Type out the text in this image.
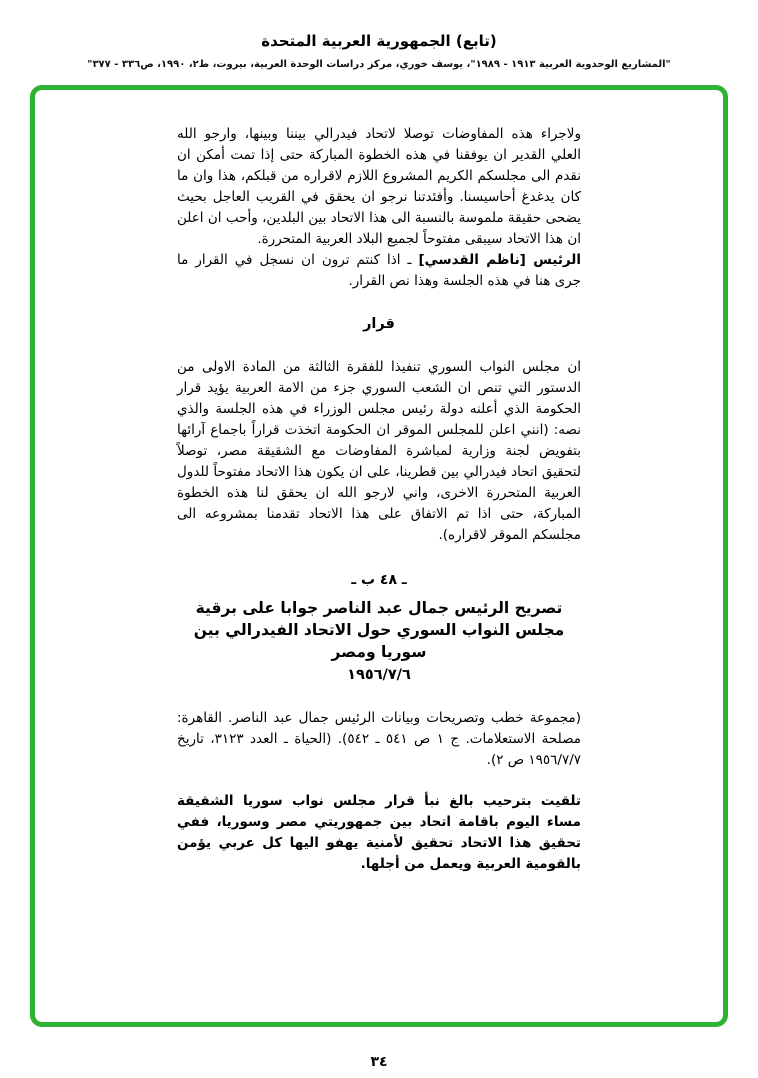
(تابع) الجمهورية العربية المتحدة
"المشاريع الوحدوية العربية ١٩١٣ - ١٩٨٩"، يوسف خوري، مركز دراسات الوحدة العربية، بيروت، ط٢، ١٩٩٠، ص٣٣٦ - ٣٧٧"

ولاجراء هذه المفاوضات توصلا لاتحاد فيدرالي بيننا وبينها، وارجو الله العلي القدير ان يوفقنا في هذه الخطوة المباركة حتى إذا تمت أمكن ان نقدم الى مجلسكم الكريم المشروع اللازم لاقراره من قبلكم، هذا وان ما كان يدغدغ أحاسيسنا. وأفئدتنا نرجو ان يحقق في القريب العاجل بحيث يضحى حقيقة ملموسة بالنسبة الى هذا الاتحاد بين البلدين، وأحب ان اعلن ان هذا الاتحاد سيبقى مفتوحاً لجميع البلاد العربية المتحررة.

الرئيس [ناظم القدسي] ـ اذا كنتم ترون ان نسجل في القرار ما جرى هنا في هذه الجلسة وهذا نص القرار.

قرار

ان مجلس النواب السوري تنفيذا للفقرة الثالثة من المادة الاولى من الدستور التي تنص ان الشعب السوري جزء من الامة العربية يؤيد قرار الحكومة الذي أعلنه دولة رئيس مجلس الوزراء في هذه الجلسة والذي نصه: (انني اعلن للمجلس الموقر ان الحكومة اتخذت قراراً باجماع آرائها بتفويض لجنة وزارية لمباشرة المفاوضات مع الشقيقة مصر، توصلاً لتحقيق اتحاد فيدرالي بين قطرينا، على ان يكون هذا الاتحاد مفتوحاً للدول العربية المتحررة الاخرى، واني لارجو الله ان يحقق لنا هذه الخطوة المباركة، حتى اذا تم الاتفاق على هذا الاتحاد تقدمنا بمشروعه الى مجلسكم الموقر لاقراره).

ـ ٤٨ ب ـ
تصريح الرئيس جمال عبد الناصر جوابا على برقية مجلس النواب السوري حول الاتحاد الفيدرالي بين سوريا ومصر
١٩٥٦/٧/٦

(مجموعة خطب وتصريحات وبيانات الرئيس جمال عبد الناصر. القاهرة: مصلحة الاستعلامات. ج ١ ص ٥٤١ ـ ٥٤٢). (الحياة ـ العدد ٣١٢٣، تاريخ ١٩٥٦/٧/٧ ص ٢).

تلقيت بترحيب بالغ نبأ قرار مجلس نواب سوريا الشقيقة مساء اليوم باقامة اتحاد بين جمهوريتي مصر وسوريا، ففي تحقيق هذا الاتحاد تحقيق لأمنية يهفو اليها كل عربي يؤمن بالقومية العربية ويعمل من أجلها.

٣٤
